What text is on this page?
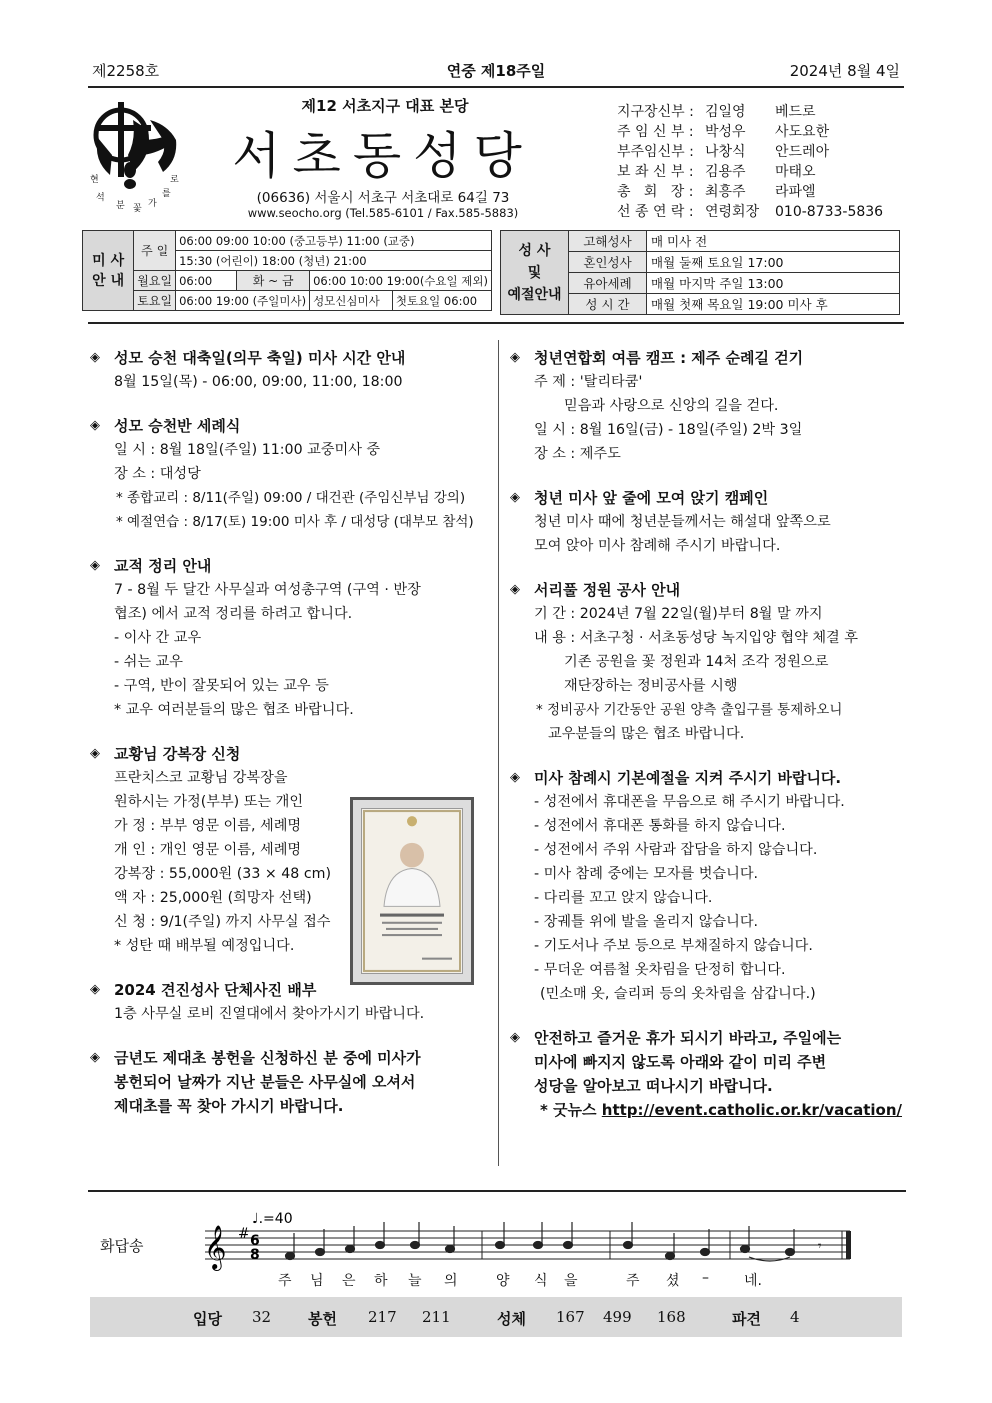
제2258호	연중 제18주일	2024년 8월 4일
현	로
석	를
분	가
꽃
제12 서초지구 대표 본당
서초동성당
(06636) 서울시 서초구 서초대로 64길 73
www.seocho.org (Tel.585-6101 / Fax.585-5883)
지구장신부 : 김일영	베드로
주 임 신 부 : 박성우	사도요한
부주임신부 : 나창식	안드레아
보 좌 신 부 : 김용주	마태오
총   회   장 : 최흥주	라파엘
선 종 연 락 : 연령회장	010-8733-5836
미 사
안 내	주 일	06:00 09:00 10:00 (중고등부) 11:00 (교중)			
		15:30 (어린이) 18:00 (청년) 21:00			
	월요일	06:00	화 ~ 금	06:00 10:00 19:00(수요일 제외)	
	토요일	06:00 19:00 (주일미사)		성모신심미사	첫토요일 06:00
성 사
및
예절안내	고해성사	매 미사 전
	혼인성사	매월 둘째 토요일 17:00
	유아세례	매월 마지막 주일 13:00
	성 시 간	매월 첫째 목요일 19:00 미사 후
◈ 성모 승천 대축일(의무 축일) 미사 시간 안내
8월 15일(목) - 06:00, 09:00, 11:00, 18:00
◈ 성모 승천반 세례식
일 시 : 8월 18일(주일) 11:00 교중미사 중
장 소 : 대성당
* 종합교리 : 8/11(주일) 09:00 / 대건관 (주임신부님 강의)
* 예절연습 : 8/17(토) 19:00 미사 후 / 대성당 (대부모 참석)
◈ 교적 정리 안내
7 - 8월 두 달간 사무실과 여성총구역 (구역 · 반장
협조) 에서 교적 정리를 하려고 합니다.
- 이사 간 교우
- 쉬는 교우
- 구역, 반이 잘못되어 있는 교우 등
* 교우 여러분들의 많은 협조 바랍니다.
◈ 교황님 강복장 신청
프란치스코 교황님 강복장을
원하시는 가정(부부) 또는 개인
가 정 : 부부 영문 이름, 세례명
개 인 : 개인 영문 이름, 세례명
강복장 : 55,000원 (33 × 48 cm)
액 자 : 25,000원 (희망자 선택)
신 청 : 9/1(주일) 까지 사무실 접수
* 성탄 때 배부될 예정입니다.
◈ 2024 견진성사 단체사진 배부
1층 사무실 로비 진열대에서 찾아가시기 바랍니다.
◈ 금년도 제대초 봉헌을 신청하신 분 중에 미사가
봉헌되어 날짜가 지난 분들은 사무실에 오셔서
제대초를 꼭 찾아 가시기 바랍니다.
◈ 청년연합회 여름 캠프 : 제주 순례길 걷기
주 제 : '탈리타쿰'
믿음과 사랑으로 신앙의 길을 걷다.
일 시 : 8월 16일(금) - 18일(주일) 2박 3일
장 소 : 제주도
◈ 청년 미사 앞 줄에 모여 앉기 캠페인
청년 미사 때에 청년분들께서는 해설대 앞쪽으로
모여 앉아 미사 참례해 주시기 바랍니다.
◈ 서리풀 정원 공사 안내
기 간 : 2024년 7월 22일(월)부터 8월 말 까지
내 용 : 서초구청 · 서초동성당 녹지입양 협약 체결 후
기존 공원을 꽃 정원과 14처 조각 정원으로
재단장하는 정비공사를 시행
* 정비공사 기간동안 공원 양측 출입구를 통제하오니
교우분들의 많은 협조 바랍니다.
◈ 미사 참례시 기본예절을 지켜 주시기 바랍니다.
- 성전에서 휴대폰을 무음으로 해 주시기 바랍니다.
- 성전에서 휴대폰 통화를 하지 않습니다.
- 성전에서 주위 사람과 잡담을 하지 않습니다.
- 미사 참례 중에는 모자를 벗습니다.
- 다리를 꼬고 앉지 않습니다.
- 장궤틀 위에 발을 올리지 않습니다.
- 기도서나 주보 등으로 부채질하지 않습니다.
- 무더운 여름철 옷차림을 단정히 합니다.
(민소매 옷, 슬리퍼 등의 옷차림을 삼갑니다.)
◈ 안전하고 즐거운 휴가 되시기 바라고, 주일에는
미사에 빠지지 않도록 아래와 같이 미리 주변
성당을 알아보고 떠나시기 바랍니다.
* 굿뉴스 http://event.catholic.or.kr/vacation/
화답송 𝄞 # 6
8
♩.=40
𝄾
주 님 은 하 늘 의	양 식 을	주 셨 –	네.
입당 32 봉헌 217 211	성체 167 499 168	파견 4
